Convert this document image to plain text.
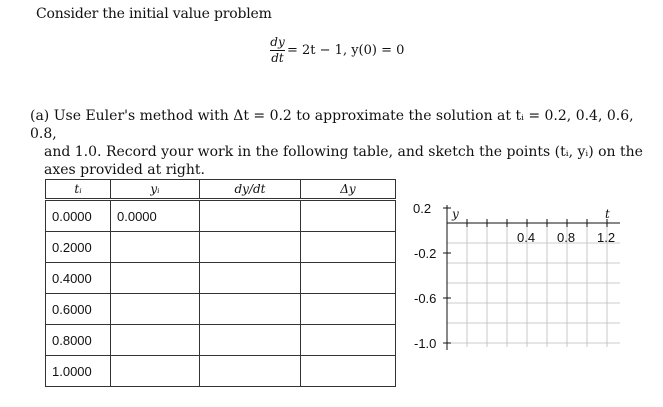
Consider the initial value problem
$\frac{dy}{dt} = 2t - 1$, y(0) = 0

(a) Use Euler's method with Δt = 0.2 to approximate the solution at tᵢ = 0.2, 0.4, 0.6, 0.8,

and 1.0. Record your work in the following table, and sketch the points (tᵢ, yᵢ) on the

axes provided at right.

tᵢ	yᵢ	dy/dt	Δy
0.0000	0.0000		
0.2000			
0.4000			
0.6000			
0.8000			
1.0000			
y	t
0.2
-0.2
-0.6
-1.0
0.4 0.8 1.2
